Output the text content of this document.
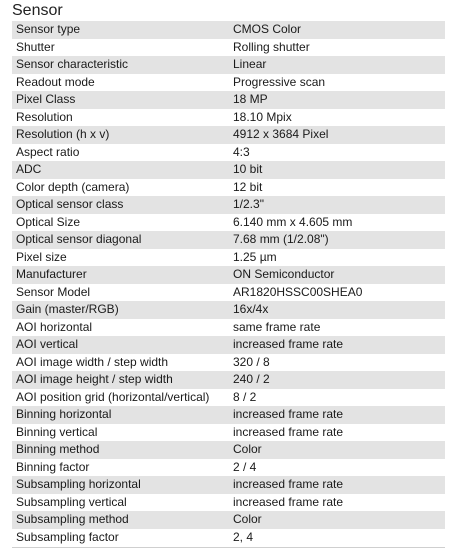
Sensor
Sensor type	CMOS Color
Shutter	Rolling shutter
Sensor characteristic	Linear
Readout mode	Progressive scan
Pixel Class	18 MP
Resolution	18.10 Mpix
Resolution (h x v)	4912 x 3684 Pixel
Aspect ratio	4:3
ADC	10 bit
Color depth (camera)	12 bit
Optical sensor class	1/2.3"
Optical Size	6.140 mm x 4.605 mm
Optical sensor diagonal	7.68 mm (1/2.08")
Pixel size	1.25 µm
Manufacturer	ON Semiconductor
Sensor Model	AR1820HSSC00SHEA0
Gain (master/RGB)	16x/4x
AOI horizontal	same frame rate
AOI vertical	increased frame rate
AOI image width / step width	320 / 8
AOI image height / step width	240 / 2
AOI position grid (horizontal/vertical)	8 / 2
Binning horizontal	increased frame rate
Binning vertical	increased frame rate
Binning method	Color
Binning factor	2 / 4
Subsampling horizontal	increased frame rate
Subsampling vertical	increased frame rate
Subsampling method	Color
Subsampling factor	2, 4
